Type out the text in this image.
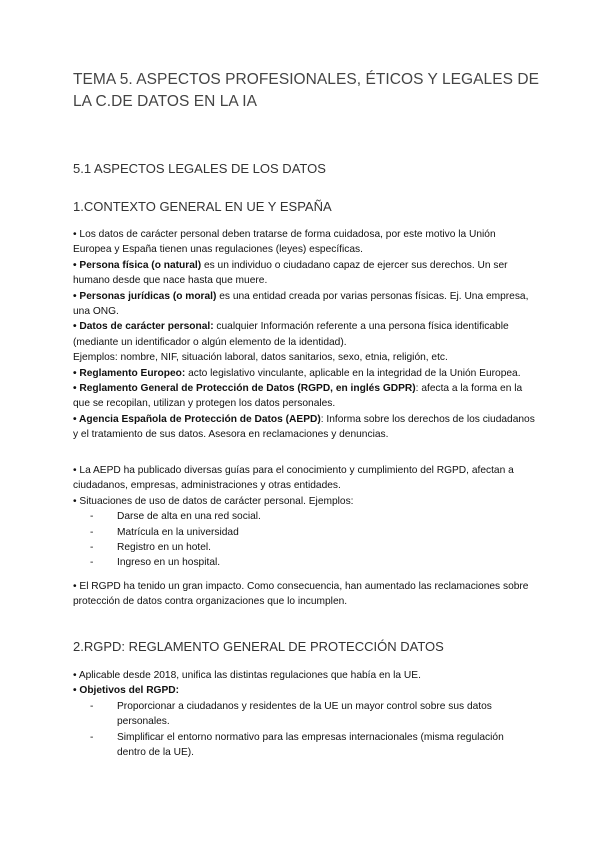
TEMA 5. ASPECTOS PROFESIONALES, ÉTICOS Y LEGALES DE LA C.DE DATOS EN LA IA
5.1 ASPECTOS LEGALES DE LOS DATOS
1.CONTEXTO GENERAL EN UE Y ESPAÑA

• Los datos de carácter personal deben tratarse de forma cuidadosa, por este motivo la Unión Europea y España tienen unas regulaciones (leyes) específicas.

• Persona física (o natural) es un individuo o ciudadano capaz de ejercer sus derechos. Un ser humano desde que nace hasta que muere.

• Personas jurídicas (o moral) es una entidad creada por varias personas físicas. Ej. Una empresa, una ONG.

• Datos de carácter personal: cualquier Información referente a una persona física identificable (mediante un identificador o algún elemento de la identidad).

Ejemplos: nombre, NIF, situación laboral, datos sanitarios, sexo, etnia, religión, etc.

• Reglamento Europeo: acto legislativo vinculante, aplicable en la integridad de la Unión Europea.

• Reglamento General de Protección de Datos (RGPD, en inglés GDPR): afecta a la forma en la que se recopilan, utilizan y protegen los datos personales.

• Agencia Española de Protección de Datos (AEPD): Informa sobre los derechos de los ciudadanos y el tratamiento de sus datos. Asesora en reclamaciones y denuncias.

• La AEPD ha publicado diversas guías para el conocimiento y cumplimiento del RGPD, afectan a ciudadanos, empresas, administraciones y otras entidades.

• Situaciones de uso de datos de carácter personal. Ejemplos:

- Darse de alta en una red social.

- Matrícula en la universidad

- Registro en un hotel.

- Ingreso en un hospital.

• El RGPD ha tenido un gran impacto. Como consecuencia, han aumentado las reclamaciones sobre protección de datos contra organizaciones que lo incumplen.

2.RGPD: REGLAMENTO GENERAL DE PROTECCIÓN DATOS

• Aplicable desde 2018, unifica las distintas regulaciones que había en la UE.

• Objetivos del RGPD:

- Proporcionar a ciudadanos y residentes de la UE un mayor control sobre sus datos personales.

- Simplificar el entorno normativo para las empresas internacionales (misma regulación dentro de la UE).
